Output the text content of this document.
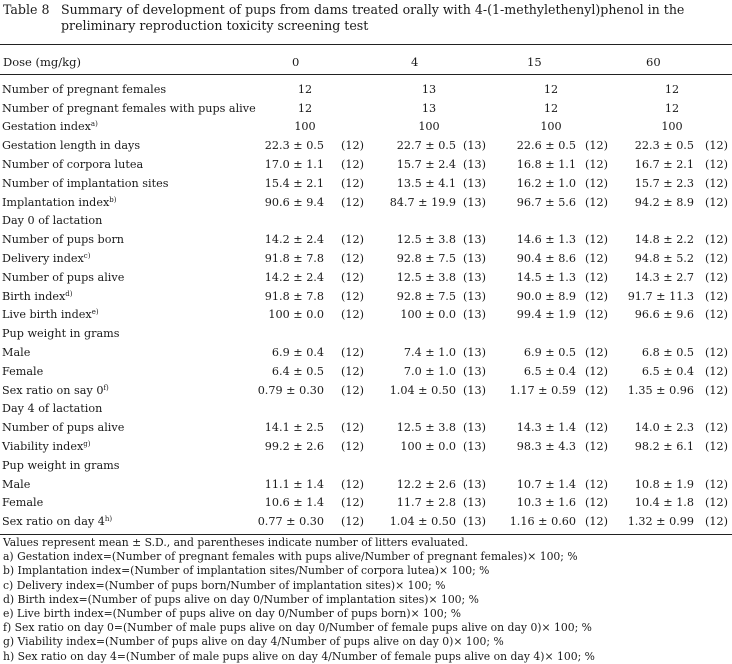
Table 8 Summary of development of pups from dams treated orally with 4-(1-methylethenyl)phenol in the
preliminary reproduction toxicity screening test
Dose (mg/kg)	0	4	15	60
Number of pregnant females	12		13		12		12	
Number of pregnant females with pups alive	12		13		12		12	
Gestation index$^{a)}$	100		100		100		100	
Gestation length in days	22.3 ± 0.5	(12)	22.7 ± 0.5	(13)	22.6 ± 0.5	(12)	22.3 ± 0.5	(12)
Number of corpora lutea	17.0 ± 1.1	(12)	15.7 ± 2.4	(13)	16.8 ± 1.1	(12)	16.7 ± 2.1	(12)
Number of implantation sites	15.4 ± 2.1	(12)	13.5 ± 4.1	(13)	16.2 ± 1.0	(12)	15.7 ± 2.3	(12)
Implantation index$^{b)}$	90.6 ± 9.4	(12)	84.7 ± 19.9	(13)	96.7 ± 5.6	(12)	94.2 ± 8.9	(12)
Day 0 of lactation								
Number of pups born	14.2 ± 2.4	(12)	12.5 ± 3.8	(13)	14.6 ± 1.3	(12)	14.8 ± 2.2	(12)
Delivery index$^{c)}$	91.8 ± 7.8	(12)	92.8 ± 7.5	(13)	90.4 ± 8.6	(12)	94.8 ± 5.2	(12)
Number of pups alive	14.2 ± 2.4	(12)	12.5 ± 3.8	(13)	14.5 ± 1.3	(12)	14.3 ± 2.7	(12)
Birth index$^{d)}$	91.8 ± 7.8	(12)	92.8 ± 7.5	(13)	90.0 ± 8.9	(12)	91.7 ± 11.3	(12)
Live birth index$^{e)}$	100 ± 0.0	(12)	100 ± 0.0	(13)	99.4 ± 1.9	(12)	96.6 ± 9.6	(12)
Pup weight in grams								
Male	6.9 ± 0.4	(12)	7.4 ± 1.0	(13)	6.9 ± 0.5	(12)	6.8 ± 0.5	(12)
Female	6.4 ± 0.5	(12)	7.0 ± 1.0	(13)	6.5 ± 0.4	(12)	6.5 ± 0.4	(12)
Sex ratio on say 0$^{f)}$	0.79 ± 0.30	(12)	1.04 ± 0.50	(13)	1.17 ± 0.59	(12)	1.35 ± 0.96	(12)
Day 4 of lactation								
Number of pups alive	14.1 ± 2.5	(12)	12.5 ± 3.8	(13)	14.3 ± 1.4	(12)	14.0 ± 2.3	(12)
Viability index$^{g)}$	99.2 ± 2.6	(12)	100 ± 0.0	(13)	98.3 ± 4.3	(12)	98.2 ± 6.1	(12)
Pup weight in grams								
Male	11.1 ± 1.4	(12)	12.2 ± 2.6	(13)	10.7 ± 1.4	(12)	10.8 ± 1.9	(12)
Female	10.6 ± 1.4	(12)	11.7 ± 2.8	(13)	10.3 ± 1.6	(12)	10.4 ± 1.8	(12)
Sex ratio on day 4$^{h)}$	0.77 ± 0.30	(12)	1.04 ± 0.50	(13)	1.16 ± 0.60	(12)	1.32 ± 0.99	(12)
Values represent mean ± S.D., and parentheses indicate number of litters evaluated.
a) Gestation index=(Number of pregnant females with pups alive/Number of pregnant females)× 100; %
b) Implantation index=(Number of implantation sites/Number of corpora lutea)× 100; %
c) Delivery index=(Number of pups born/Number of implantation sites)× 100; %
d) Birth index=(Number of pups alive on day 0/Number of implantation sites)× 100; %
e) Live birth index=(Number of pups alive on day 0/Number of pups born)× 100; %
f) Sex ratio on day 0=(Number of male pups alive on day 0/Number of female pups alive on day 0)× 100; %
g) Viability index=(Number of pups alive on day 4/Number of pups alive on day 0)× 100; %
h) Sex ratio on day 4=(Number of male pups alive on day 4/Number of female pups alive on day 4)× 100; %
